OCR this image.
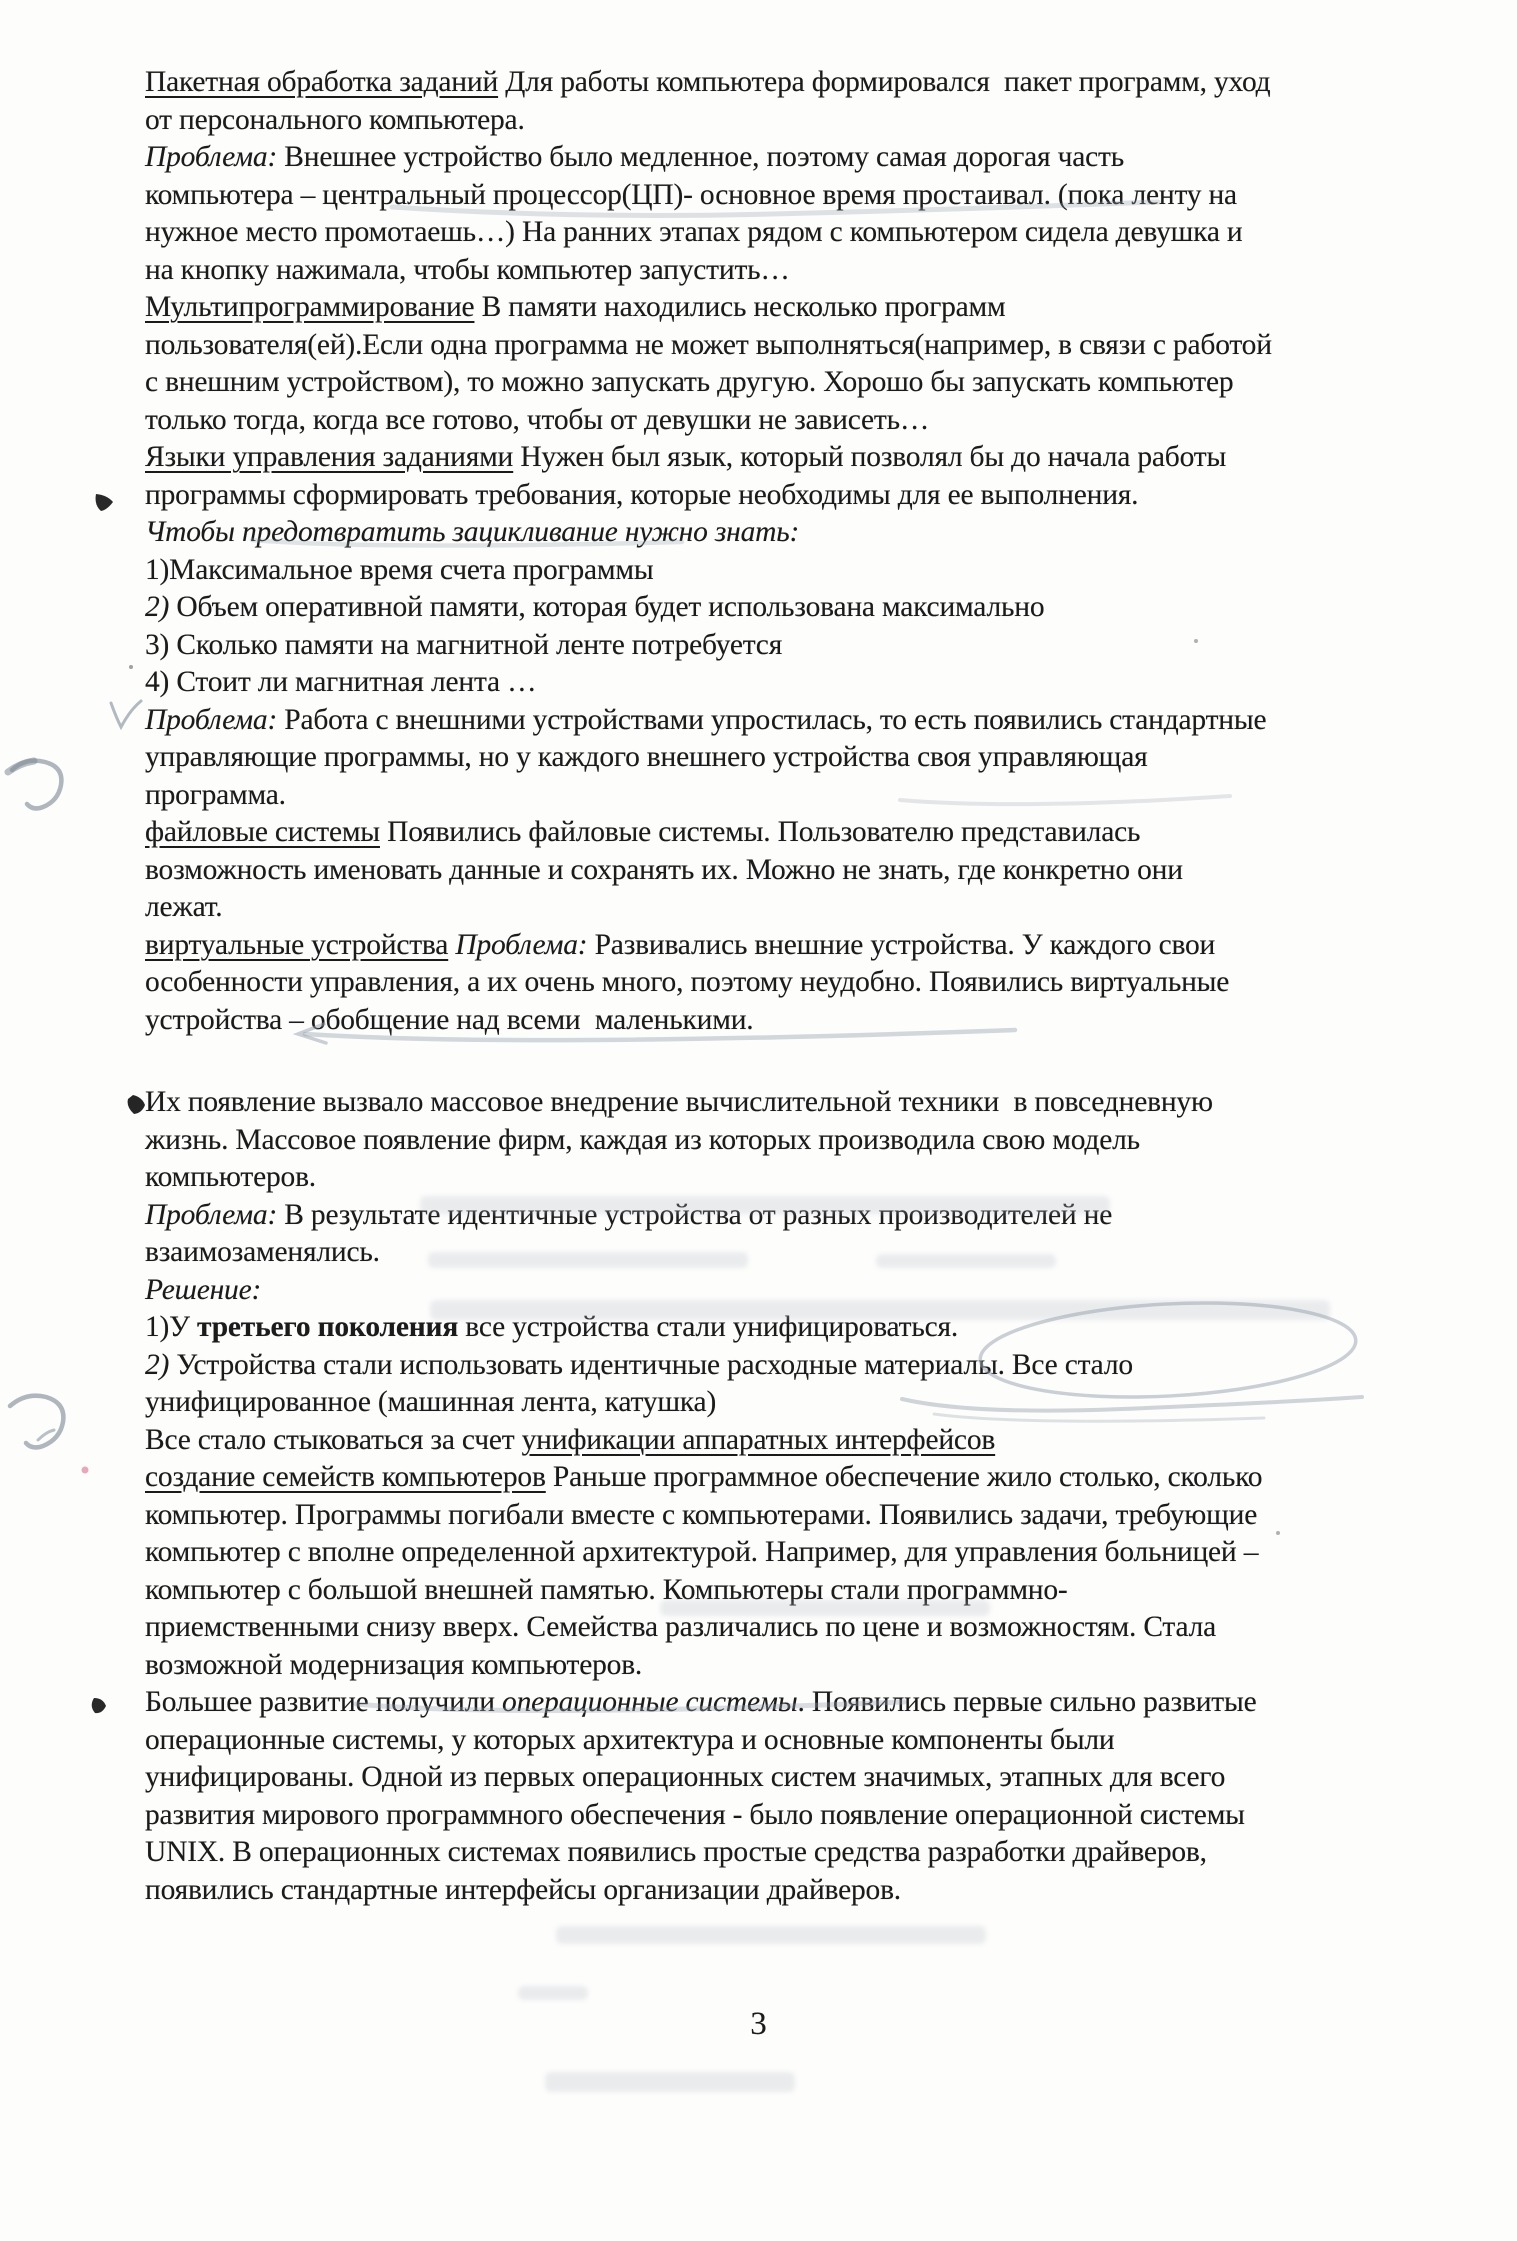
Пакетная обработка заданий Для работы компьютера формировался  пакет программ, уход
от персонального компьютера.
Проблема: Внешнее устройство было медленное, поэтому самая дорогая часть
компьютера – центральный процессор(ЦП)- основное время простаивал. (пока ленту на
нужное место промотаешь…) На ранних этапах рядом с компьютером сидела девушка и
на кнопку нажимала, чтобы компьютер запустить…
Мультипрограммирование В памяти находились несколько программ
пользователя(ей).Если одна программа не может выполняться(например, в связи с работой
с внешним устройством), то можно запускать другую. Хорошо бы запускать компьютер
только тогда, когда все готово, чтобы от девушки не зависеть…
Языки управления заданиями Нужен был язык, который позволял бы до начала работы
программы сформировать требования, которые необходимы для ее выполнения.
Чтобы предотвратить зацикливание нужно знать:
1)Максимальное время счета программы
2) Объем оперативной памяти, которая будет использована максимально
3) Сколько памяти на магнитной ленте потребуется
4) Стоит ли магнитная лента …
Проблема: Работа с внешними устройствами упростилась, то есть появились стандартные
управляющие программы, но у каждого внешнего устройства своя управляющая
программа.
файловые системы Появились файловые системы. Пользователю представилась
возможность именовать данные и сохранять их. Можно не знать, где конкретно они
лежат.
виртуальные устройства Проблема: Развивались внешние устройства. У каждого свои
особенности управления, а их очень много, поэтому неудобно. Появились виртуальные
устройства – обобщение над всеми  маленькими.
Их появление вызвало массовое внедрение вычислительной техники  в повседневную
жизнь. Массовое появление фирм, каждая из которых производила свою модель
компьютеров.
Проблема: В результате идентичные устройства от разных производителей не
взаимозаменялись.
Решение:
1)У третьего поколения все устройства стали унифицироваться.
2) Устройства стали использовать идентичные расходные материалы. Все стало
унифицированное (машинная лента, катушка)
Все стало стыковаться за счет унификации аппаратных интерфейсов
создание семейств компьютеров Раньше программное обеспечение жило столько, сколько
компьютер. Программы погибали вместе с компьютерами. Появились задачи, требующие
компьютер с вполне определенной архитектурой. Например, для управления больницей –
компьютер с большой внешней памятью. Компьютеры стали программно-
приемственными снизу вверх. Семейства различались по цене и возможностям. Стала
возможной модернизация компьютеров.
Большее развитие получили операционные системы. Появились первые сильно развитые
операционные системы, у которых архитектура и основные компоненты были
унифицированы. Одной из первых операционных систем значимых, этапных для всего
развития мирового программного обеспечения - было появление операционной системы
UNIX. В операционных системах появились простые средства разработки драйверов,
появились стандартные интерфейсы организации драйверов.
3
